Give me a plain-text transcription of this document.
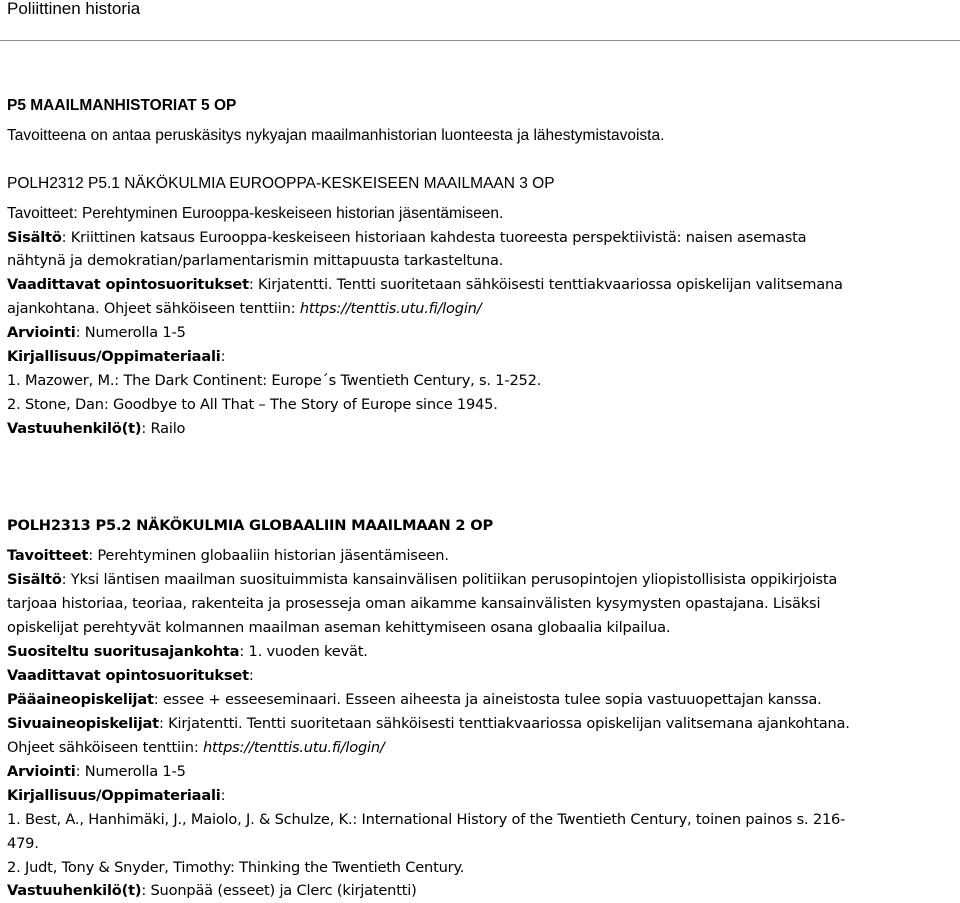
Poliittinen historia

P5 MAAILMANHISTORIAT 5 OP

Tavoitteena on antaa peruskäsitys nykyajan maailmanhistorian luonteesta ja lähestymistavoista.

POLH2312 P5.1 NÄKÖKULMIA EUROOPPA-KESKEISEEN MAAILMAAN 3 OP

Tavoitteet: Perehtyminen Eurooppa-keskeiseen historian jäsentämiseen.

Sisältö: Kriittinen katsaus Eurooppa-keskeiseen historiaan kahdesta tuoreesta perspektiivistä: naisen asemasta

nähtynä ja demokratian/parlamentarismin mittapuusta tarkasteltuna.

Vaadittavat opintosuoritukset: Kirjatentti. Tentti suoritetaan sähköisesti tenttiakvaariossa opiskelijan valitsemana

ajankohtana. Ohjeet sähköiseen tenttiin: https://tenttis.utu.fi/login/

Arviointi: Numerolla 1-5

Kirjallisuus/Oppimateriaali:

1. Mazower, M.: The Dark Continent: Europe´s Twentieth Century, s. 1-252.

2. Stone, Dan: Goodbye to All That – The Story of Europe since 1945.

Vastuuhenkilö(t): Railo

POLH2313 P5.2 NÄKÖKULMIA GLOBAALIIN MAAILMAAN 2 OP

Tavoitteet: Perehtyminen globaaliin historian jäsentämiseen.

Sisältö: Yksi läntisen maailman suosituimmista kansainvälisen politiikan perusopintojen yliopistollisista oppikirjoista

tarjoaa historiaa, teoriaa, rakenteita ja prosesseja oman aikamme kansainvälisten kysymysten opastajana. Lisäksi

opiskelijat perehtyvät kolmannen maailman aseman kehittymiseen osana globaalia kilpailua.

Suositeltu suoritusajankohta: 1. vuoden kevät.

Vaadittavat opintosuoritukset:

Pääaineopiskelijat: essee + esseeseminaari. Esseen aiheesta ja aineistosta tulee sopia vastuuopettajan kanssa.

Sivuaineopiskelijat: Kirjatentti. Tentti suoritetaan sähköisesti tenttiakvaariossa opiskelijan valitsemana ajankohtana.

Ohjeet sähköiseen tenttiin: https://tenttis.utu.fi/login/

Arviointi: Numerolla 1-5

Kirjallisuus/Oppimateriaali:

1. Best, A., Hanhimäki, J., Maiolo, J. & Schulze, K.: International History of the Twentieth Century, toinen painos s. 216-

479.

2. Judt, Tony & Snyder, Timothy: Thinking the Twentieth Century.

Vastuuhenkilö(t): Suonpää (esseet) ja Clerc (kirjatentti)
